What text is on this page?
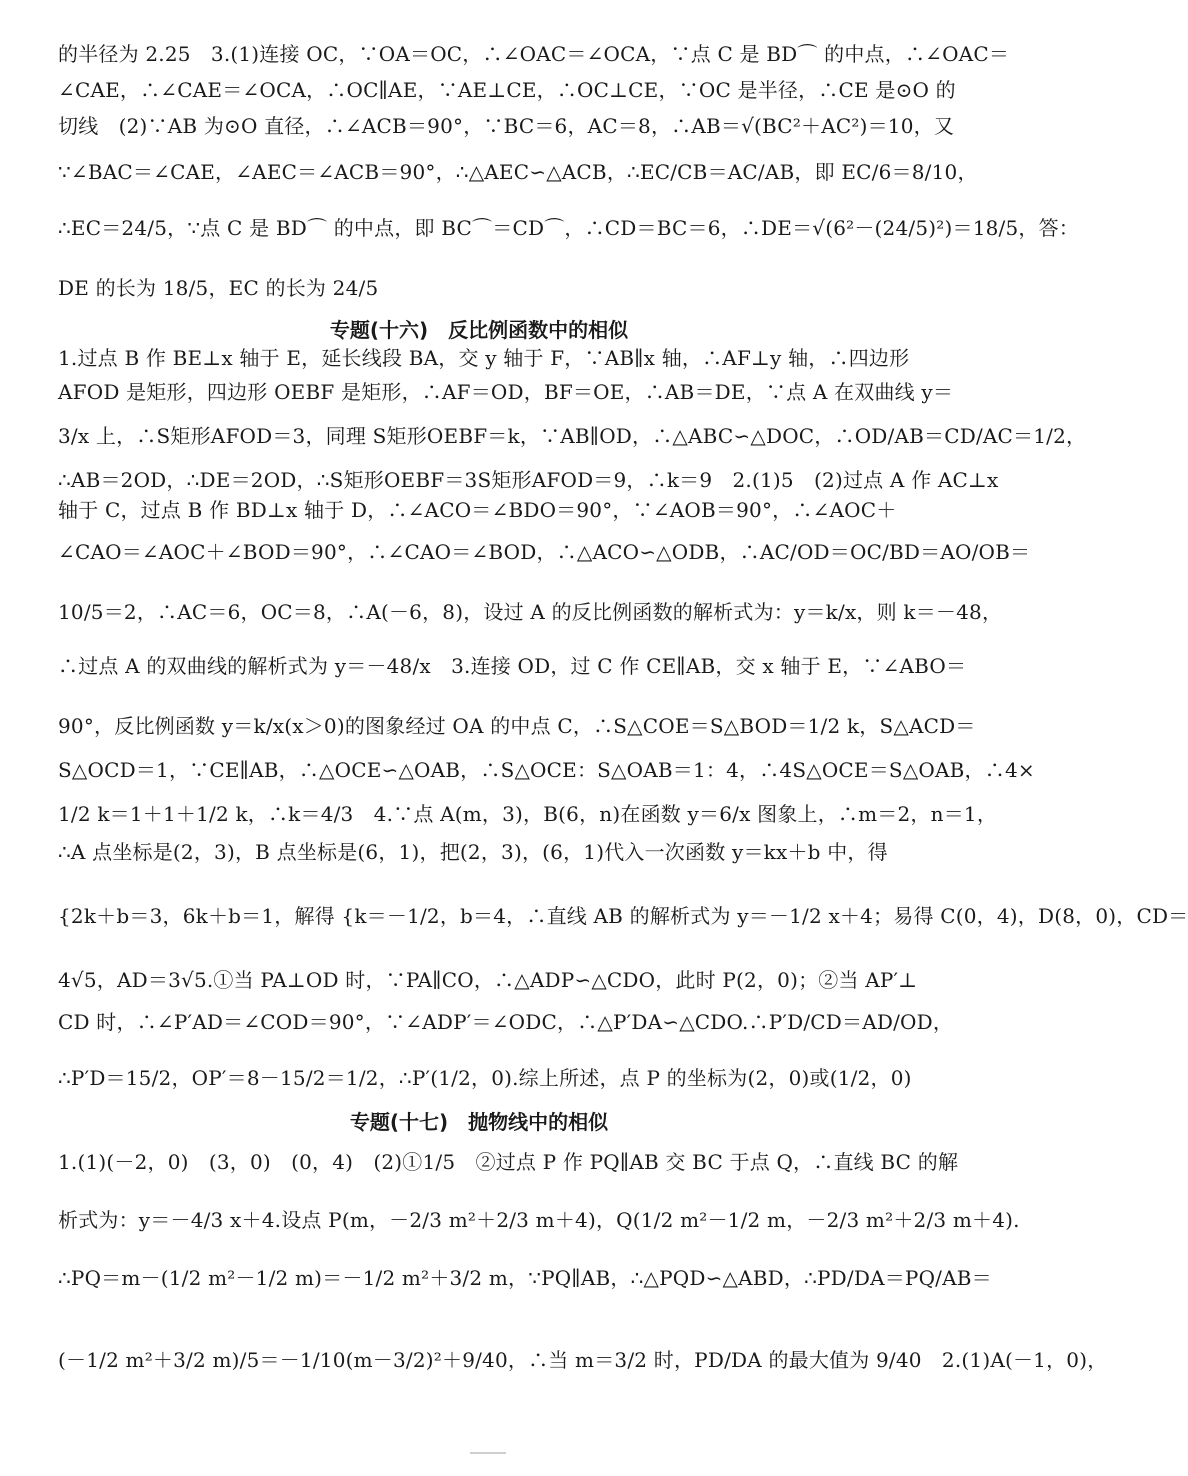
的半径为 2.25　3.(1)连接 OC，∵OA＝OC，∴∠OAC＝∠OCA，∵点 C 是 BD⌒ 的中点，∴∠OAC＝
∠CAE，∴∠CAE＝∠OCA，∴OC∥AE，∵AE⊥CE，∴OC⊥CE，∵OC 是半径，∴CE 是⊙O 的
切线　(2)∵AB 为⊙O 直径，∴∠ACB＝90°，∵BC＝6，AC＝8，∴AB＝√(BC²＋AC²)＝10，又
∵∠BAC＝∠CAE，∠AEC＝∠ACB＝90°，∴△AEC∽△ACB，∴EC/CB＝AC/AB，即 EC/6＝8/10，
∴EC＝24/5，∵点 C 是 BD⌒ 的中点，即 BC⌒＝CD⌒，∴CD＝BC＝6，∴DE＝√(6²－(24/5)²)＝18/5，答：
DE 的长为 18/5，EC 的长为 24/5
专题(十六)　反比例函数中的相似
1.过点 B 作 BE⊥x 轴于 E，延长线段 BA，交 y 轴于 F，∵AB∥x 轴，∴AF⊥y 轴，∴四边形
AFOD 是矩形，四边形 OEBF 是矩形，∴AF＝OD，BF＝OE，∴AB＝DE，∵点 A 在双曲线 y＝
3/x 上，∴S矩形AFOD＝3，同理 S矩形OEBF＝k，∵AB∥OD，∴△ABC∽△DOC，∴OD/AB＝CD/AC＝1/2，
∴AB＝2OD，∴DE＝2OD，∴S矩形OEBF＝3S矩形AFOD＝9，∴k＝9　2.(1)5　(2)过点 A 作 AC⊥x
轴于 C，过点 B 作 BD⊥x 轴于 D，∴∠ACO＝∠BDO＝90°，∵∠AOB＝90°，∴∠AOC＋
∠CAO＝∠AOC＋∠BOD＝90°，∴∠CAO＝∠BOD，∴△ACO∽△ODB，∴AC/OD＝OC/BD＝AO/OB＝
10/5＝2，∴AC＝6，OC＝8，∴A(－6，8)，设过 A 的反比例函数的解析式为：y＝k/x，则 k＝－48，
∴过点 A 的双曲线的解析式为 y＝－48/x　3.连接 OD，过 C 作 CE∥AB，交 x 轴于 E，∵∠ABO＝
90°，反比例函数 y＝k/x(x＞0)的图象经过 OA 的中点 C，∴S△COE＝S△BOD＝1/2 k，S△ACD＝
S△OCD＝1，∵CE∥AB，∴△OCE∽△OAB，∴S△OCE：S△OAB＝1：4，∴4S△OCE＝S△OAB，∴4×
1/2 k＝1＋1＋1/2 k，∴k＝4/3　4.∵点 A(m，3)，B(6，n)在函数 y＝6/x 图象上，∴m＝2，n＝1，
∴A 点坐标是(2，3)，B 点坐标是(6，1)，把(2，3)，(6，1)代入一次函数 y＝kx＋b 中，得
{2k＋b＝3，6k＋b＝1，解得 {k＝－1/2，b＝4，∴直线 AB 的解析式为 y＝－1/2 x＋4；易得 C(0，4)，D(8，0)，CD＝
4√5，AD＝3√5.①当 PA⊥OD 时，∵PA∥CO，∴△ADP∽△CDO，此时 P(2，0)；②当 AP′⊥
CD 时，∴∠P′AD＝∠COD＝90°，∵∠ADP′＝∠ODC，∴△P′DA∽△CDO.∴P′D/CD＝AD/OD，
∴P′D＝15/2，OP′＝8－15/2＝1/2，∴P′(1/2，0).综上所述，点 P 的坐标为(2，0)或(1/2，0)
专题(十七)　抛物线中的相似
1.(1)(－2，0)　(3，0)　(0，4)　(2)①1/5　②过点 P 作 PQ∥AB 交 BC 于点 Q，∴直线 BC 的解
析式为：y＝－4/3 x＋4.设点 P(m，－2/3 m²＋2/3 m＋4)，Q(1/2 m²－1/2 m，－2/3 m²＋2/3 m＋4).
∴PQ＝m－(1/2 m²－1/2 m)＝－1/2 m²＋3/2 m，∵PQ∥AB，∴△PQD∽△ABD，∴PD/DA＝PQ/AB＝
(－1/2 m²＋3/2 m)/5＝－1/10(m－3/2)²＋9/40，∴当 m＝3/2 时，PD/DA 的最大值为 9/40　2.(1)A(－1，0)，
